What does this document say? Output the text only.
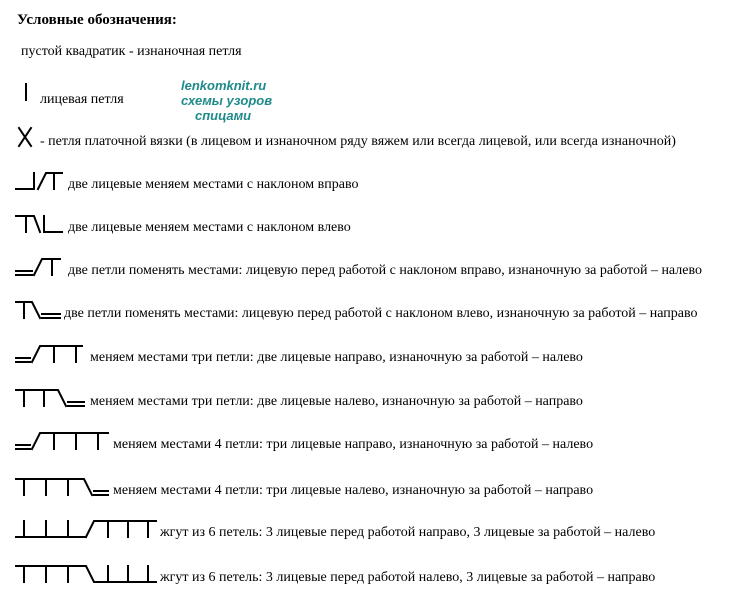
Условные обозначения:
lenkomknit.ru
схемы узоров
спицами
пустой квадратик - изнаночная петля
лицевая петля
- петля платочной вязки (в лицевом и изнаночном ряду вяжем или всегда лицевой, или всегда изнаночной)
две лицевые меняем местами с наклоном вправо
две лицевые меняем местами с наклоном влево
две петли поменять местами: лицевую перед работой с наклоном вправо, изнаночную за работой – налево
две петли поменять местами: лицевую перед работой с наклоном влево, изнаночную за работой – направо
меняем местами три петли: две лицевые направо, изнаночную за работой – налево
меняем местами три петли: две лицевые налево, изнаночную за работой – направо
меняем местами 4 петли: три лицевые направо, изнаночную за работой – налево
меняем местами 4 петли: три лицевые налево, изнаночную за работой – направо
жгут из 6 петель: 3 лицевые перед работой направо, 3 лицевые за работой – налево
жгут из 6 петель: 3 лицевые перед работой налево, 3 лицевые за работой – направо
